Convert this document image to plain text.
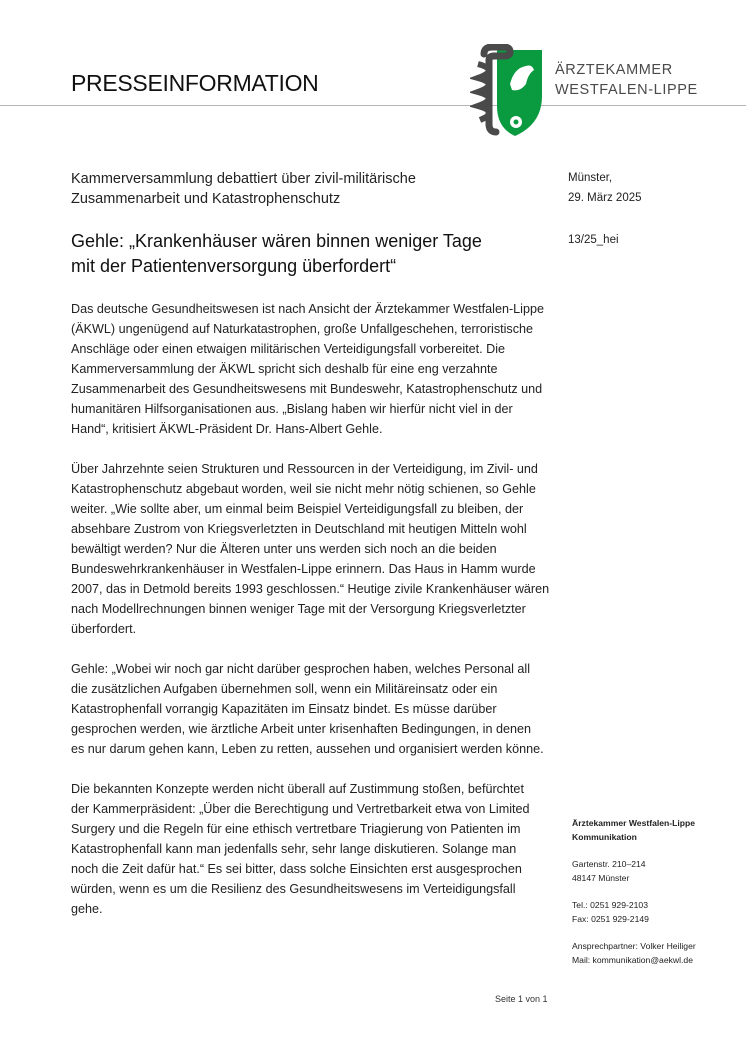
PRESSEINFORMATION	ÄRZTEKAMMER
WESTFALEN-LIPPE
Kammerversammlung debattiert über zivil-militärische
Zusammenarbeit und Katastrophenschutz
Gehle: „Krankenhäuser wären binnen weniger Tage
mit der Patientenversorgung überfordert“
Münster,
29. März 2025
13/25_hei

Das deutsche Gesundheitswesen ist nach Ansicht der Ärztekammer Westfalen-Lippe
(ÄKWL) ungenügend auf Naturkatastrophen, große Unfallgeschehen, terroristische
Anschläge oder einen etwaigen militärischen Verteidigungsfall vorbereitet. Die
Kammerversammlung der ÄKWL spricht sich deshalb für eine eng verzahnte
Zusammenarbeit des Gesundheitswesens mit Bundeswehr, Katastrophenschutz und
humanitären Hilfsorganisationen aus. „Bislang haben wir hierfür nicht viel in der
Hand“, kritisiert ÄKWL-Präsident Dr. Hans-Albert Gehle.

Über Jahrzehnte seien Strukturen und Ressourcen in der Verteidigung, im Zivil- und
Katastrophenschutz abgebaut worden, weil sie nicht mehr nötig schienen, so Gehle
weiter. „Wie sollte aber, um einmal beim Beispiel Verteidigungsfall zu bleiben, der
absehbare Zustrom von Kriegsverletzten in Deutschland mit heutigen Mitteln wohl
bewältigt werden? Nur die Älteren unter uns werden sich noch an die beiden
Bundeswehrkrankenhäuser in Westfalen-Lippe erinnern. Das Haus in Hamm wurde
2007, das in Detmold bereits 1993 geschlossen.“ Heutige zivile Krankenhäuser wären
nach Modellrechnungen binnen weniger Tage mit der Versorgung Kriegsverletzter
überfordert.

Gehle: „Wobei wir noch gar nicht darüber gesprochen haben, welches Personal all
die zusätzlichen Aufgaben übernehmen soll, wenn ein Militäreinsatz oder ein
Katastrophenfall vorrangig Kapazitäten im Einsatz bindet. Es müsse darüber
gesprochen werden, wie ärztliche Arbeit unter krisenhaften Bedingungen, in denen
es nur darum gehen kann, Leben zu retten, aussehen und organisiert werden könne.

Die bekannten Konzepte werden nicht überall auf Zustimmung stoßen, befürchtet
der Kammerpräsident: „Über die Berechtigung und Vertretbarkeit etwa von Limited
Surgery und die Regeln für eine ethisch vertretbare Triagierung von Patienten im
Katastrophenfall kann man jedenfalls sehr, sehr lange diskutieren. Solange man
noch die Zeit dafür hat.“ Es sei bitter, dass solche Einsichten erst ausgesprochen
würden, wenn es um die Resilienz des Gesundheitswesens im Verteidigungsfall
gehe.

Ärztekammer Westfalen-Lippe
Kommunikation
Gartenstr. 210–214
48147 Münster
Tel.: 0251 929-2103
Fax: 0251 929-2149
Ansprechpartner: Volker Heiliger
Mail: kommunikation@aekwl.de
Seite 1 von 1
